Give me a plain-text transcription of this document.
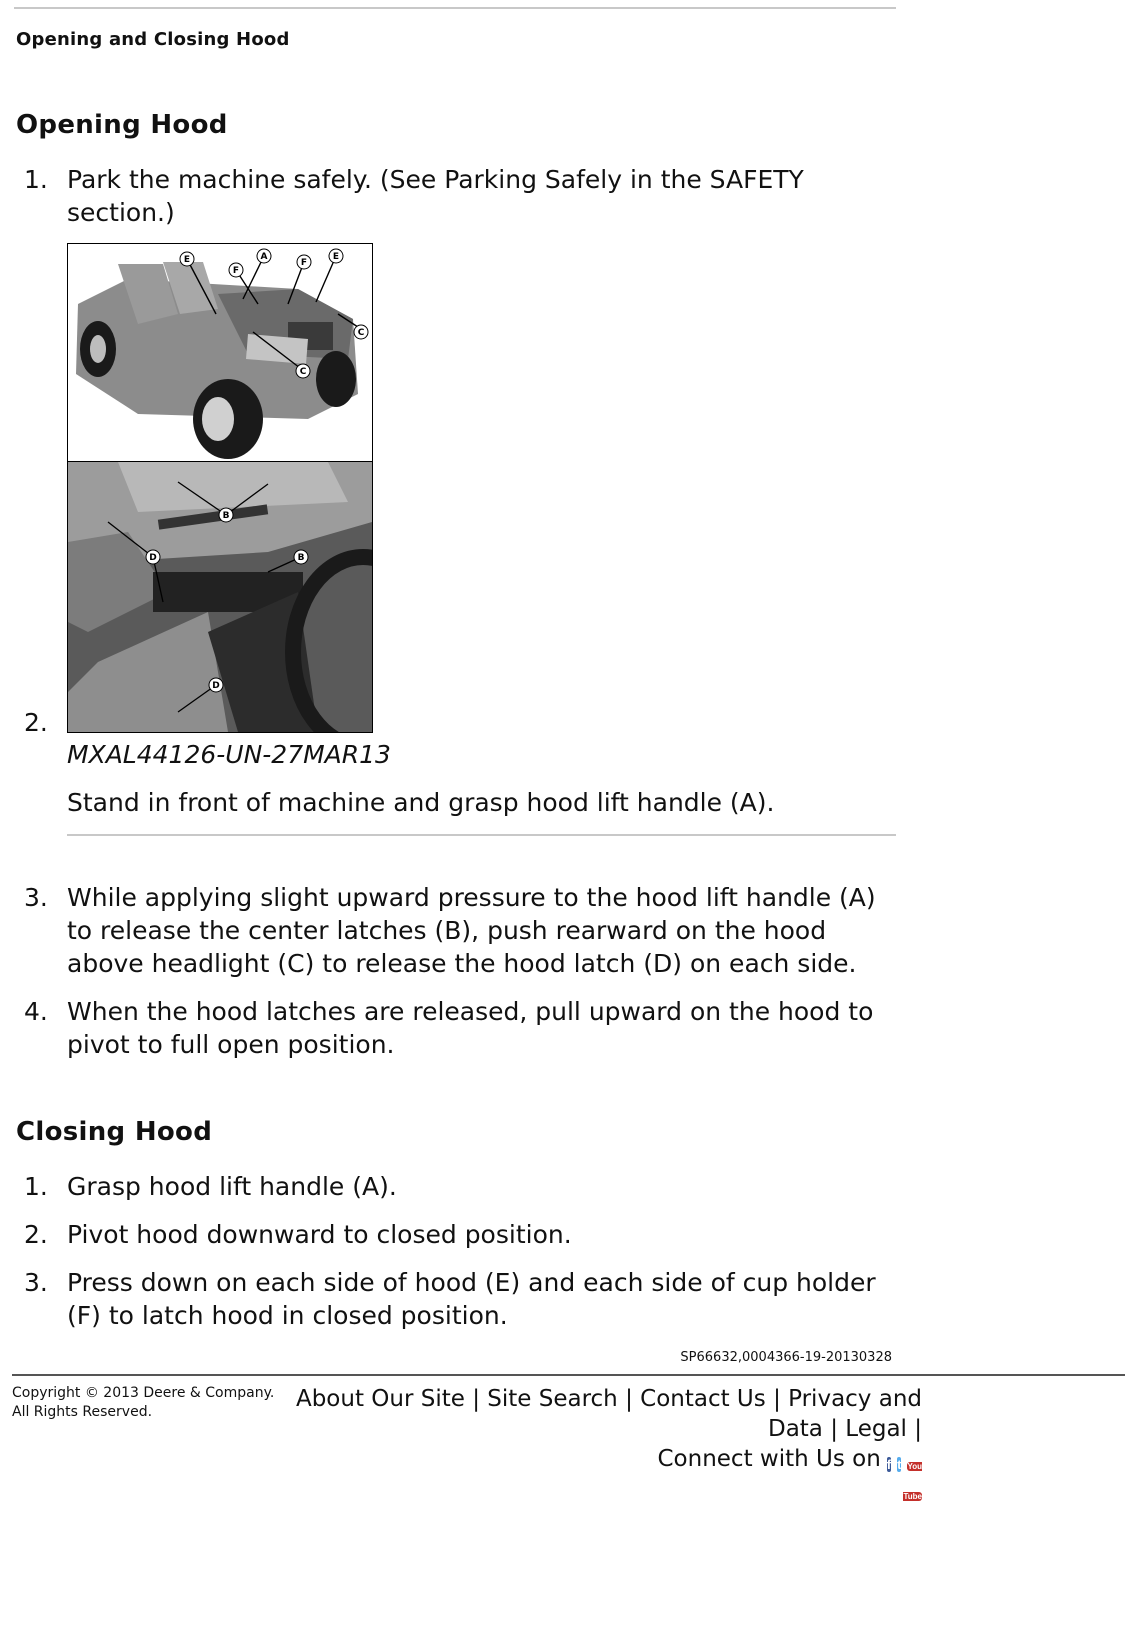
Opening and Closing Hood
Opening Hood
1. Park the machine safely. (See Parking Safely in the SAFETY section.)
E	A
F
F
E
C
C
B
D	B
D
2.
MXAL44126-UN-27MAR13
Stand in front of machine and grasp hood lift handle (A).
3. While applying slight upward pressure to the hood lift handle (A) to release the center latches (B), push rearward on the hood above headlight (C) to release the hood latch (D) on each side.
4. When the hood latches are released, pull upward on the hood to pivot to full open position.
Closing Hood
1. Grasp hood lift handle (A).
2. Pivot hood downward to closed position.
3. Press down on each side of hood (E) and each side of cup holder (F) to latch hood in closed position.
SP66632,0004366-19-20130328
Copyright © 2013 Deere & Company.
All Rights Reserved.	About Our Site | Site Search | Contact Us | Privacy and Data | Legal |
Connect with Us on f t You
Tube
